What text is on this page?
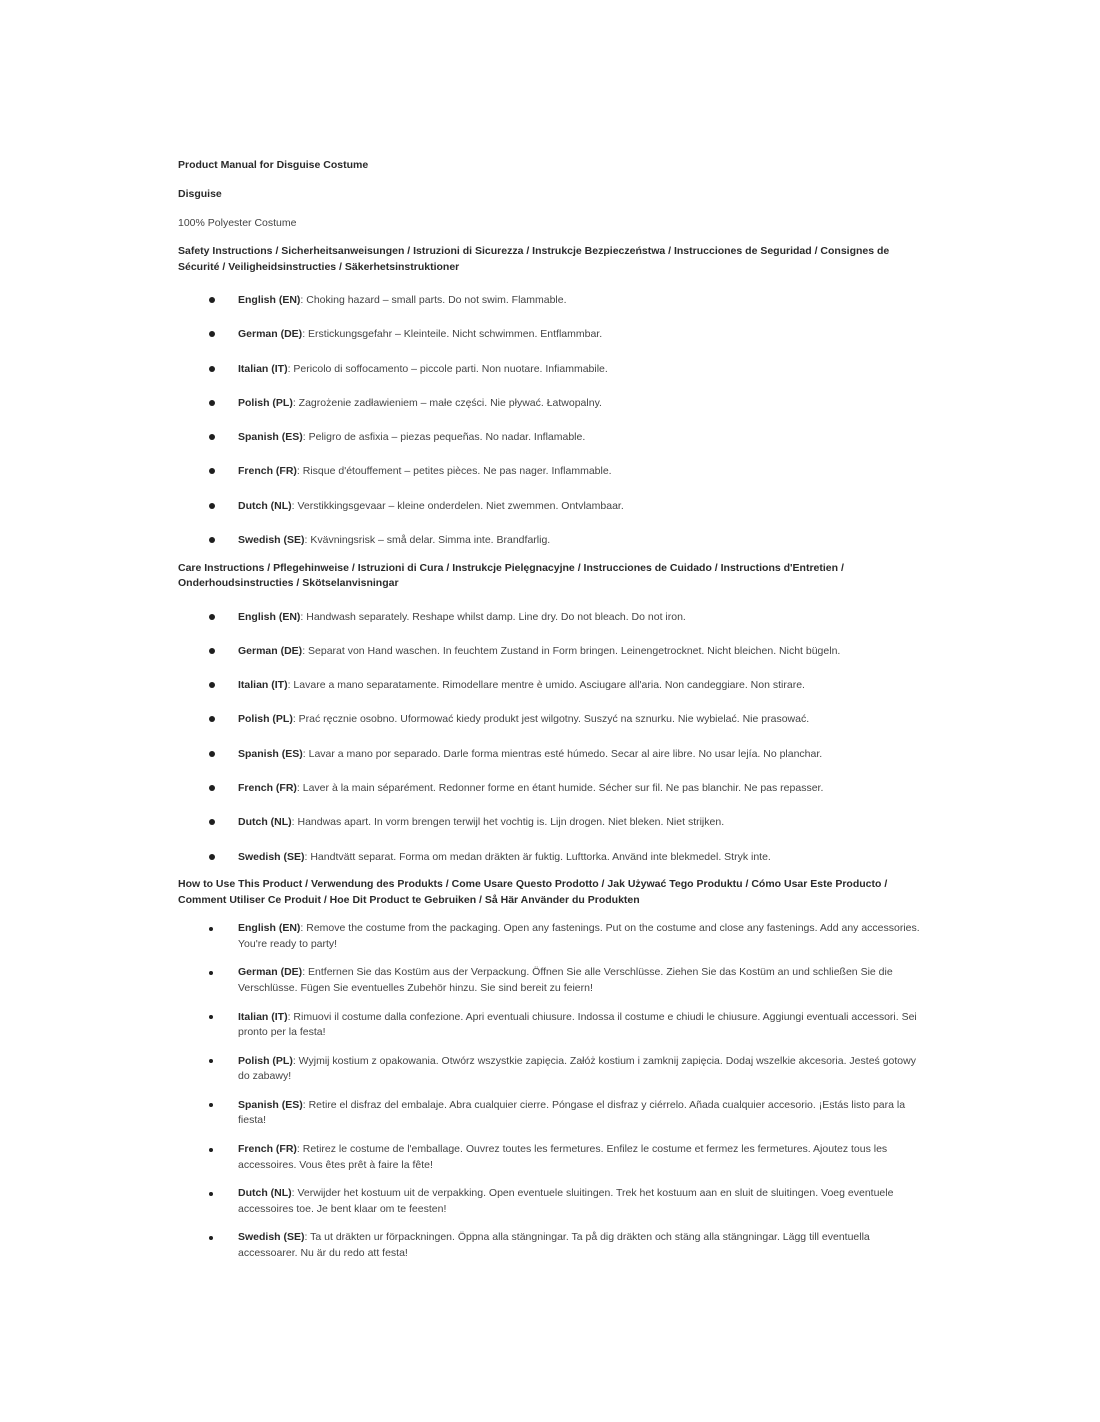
Product Manual for Disguise Costume

Disguise

100% Polyester Costume

Safety Instructions / Sicherheitsanweisungen / Istruzioni di Sicurezza / Instrukcje Bezpieczeństwa / Instrucciones de Seguridad / Consignes de Sécurité / Veiligheidsinstructies / Säkerhetsinstruktioner

English (EN): Choking hazard – small parts. Do not swim. Flammable.
German (DE): Erstickungsgefahr – Kleinteile. Nicht schwimmen. Entflammbar.
Italian (IT): Pericolo di soffocamento – piccole parti. Non nuotare. Infiammabile.
Polish (PL): Zagrożenie zadławieniem – małe części. Nie pływać. Łatwopalny.
Spanish (ES): Peligro de asfixia – piezas pequeñas. No nadar. Inflamable.
French (FR): Risque d'étouffement – petites pièces. Ne pas nager. Inflammable.
Dutch (NL): Verstikkingsgevaar – kleine onderdelen. Niet zwemmen. Ontvlambaar.
Swedish (SE): Kvävningsrisk – små delar. Simma inte. Brandfarlig.

Care Instructions / Pflegehinweise / Istruzioni di Cura / Instrukcje Pielęgnacyjne / Instrucciones de Cuidado / Instructions d'Entretien / Onderhoudsinstructies / Skötselanvisningar

English (EN): Handwash separately. Reshape whilst damp. Line dry. Do not bleach. Do not iron.
German (DE): Separat von Hand waschen. In feuchtem Zustand in Form bringen. Leinengetrocknet. Nicht bleichen. Nicht bügeln.
Italian (IT): Lavare a mano separatamente. Rimodellare mentre è umido. Asciugare all'aria. Non candeggiare. Non stirare.
Polish (PL): Prać ręcznie osobno. Uformować kiedy produkt jest wilgotny. Suszyć na sznurku. Nie wybielać. Nie prasować.
Spanish (ES): Lavar a mano por separado. Darle forma mientras esté húmedo. Secar al aire libre. No usar lejía. No planchar.
French (FR): Laver à la main séparément. Redonner forme en étant humide. Sécher sur fil. Ne pas blanchir. Ne pas repasser.
Dutch (NL): Handwas apart. In vorm brengen terwijl het vochtig is. Lijn drogen. Niet bleken. Niet strijken.
Swedish (SE): Handtvätt separat. Forma om medan dräkten är fuktig. Lufttorka. Använd inte blekmedel. Stryk inte.

How to Use This Product / Verwendung des Produkts / Come Usare Questo Prodotto / Jak Używać Tego Produktu / Cómo Usar Este Producto / Comment Utiliser Ce Produit / Hoe Dit Product te Gebruiken / Så Här Använder du Produkten

English (EN): Remove the costume from the packaging. Open any fastenings. Put on the costume and close any fastenings. Add any accessories. You're ready to party!
German (DE): Entfernen Sie das Kostüm aus der Verpackung. Öffnen Sie alle Verschlüsse. Ziehen Sie das Kostüm an und schließen Sie die Verschlüsse. Fügen Sie eventuelles Zubehör hinzu. Sie sind bereit zu feiern!
Italian (IT): Rimuovi il costume dalla confezione. Apri eventuali chiusure. Indossa il costume e chiudi le chiusure. Aggiungi eventuali accessori. Sei pronto per la festa!
Polish (PL): Wyjmij kostium z opakowania. Otwórz wszystkie zapięcia. Załóż kostium i zamknij zapięcia. Dodaj wszelkie akcesoria. Jesteś gotowy do zabawy!
Spanish (ES): Retire el disfraz del embalaje. Abra cualquier cierre. Póngase el disfraz y ciérrelo. Añada cualquier accesorio. ¡Estás listo para la fiesta!
French (FR): Retirez le costume de l'emballage. Ouvrez toutes les fermetures. Enfilez le costume et fermez les fermetures. Ajoutez tous les accessoires. Vous êtes prêt à faire la fête!
Dutch (NL): Verwijder het kostuum uit de verpakking. Open eventuele sluitingen. Trek het kostuum aan en sluit de sluitingen. Voeg eventuele accessoires toe. Je bent klaar om te feesten!
Swedish (SE): Ta ut dräkten ur förpackningen. Öppna alla stängningar. Ta på dig dräkten och stäng alla stängningar. Lägg till eventuella accessoarer. Nu är du redo att festa!
